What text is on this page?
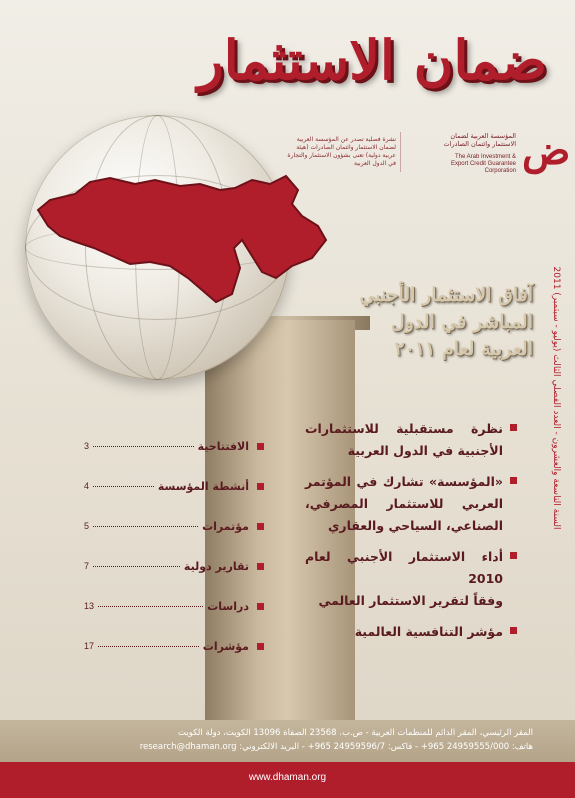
ضمان الاستثمار
ض
المؤسسة العربية لضمان الاستثمار وائتمان الصادرات
The Arab Investment & Export Credit Guarantee Corporation
نشرة فصلية تصدر عن المؤسسة العربية لضمان الاستثمار وائتمان الصادرات (هيئة عربية دولية) تعنى بشؤون الاستثمار والتجارة في الدول العربية
آفاق الاستثمار الأجنبي
المباشر في الدول
العربية لعام ٢٠١١
السنة التاسعة والعشرون - العدد الفصلي الثالث (يوليو - سبتمبر) 2011
الافتتاحية
3
أنشطة المؤسسة
4
مؤتمرات
5
تقارير دولية
7
دراسات
13
مؤشرات
17

نظرة مستقبلية للاستثمارات

الأجنبية في الدول العربية

«المؤسسة» تشارك في المؤتمر

العربي للاستثمار المصرفي،

الصناعي، السياحي والعقاري

أداء الاستثمار الأجنبي لعام 2010

وفقاً لتقرير الاستثمار العالمي

مؤشر التنافسية العالمية

المقر الرئيسي، المقر الدائم للمنظمات العربية - ص.ب. 23568 الصفاة 13096 الكويت، دولة الكويت
هاتف: 24959555/000 965+ - فاكس: 24959596/7 965+ - البريد الالكتروني: research@dhaman.org
www.dhaman.org
